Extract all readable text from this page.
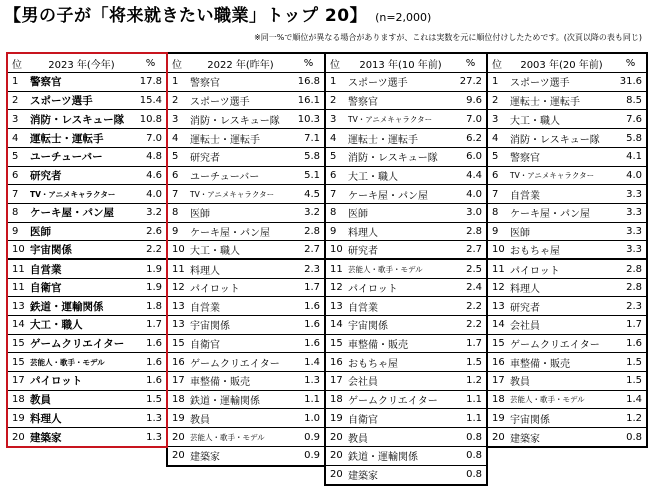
【男の子が「将来就きたい職業」トップ 20】 (n=2,000)
※同一%で順位が異なる場合がありますが、これは実数を元に順位付けしたためです。(次頁以降の表も同じ)
位	2023 年(今年)	%
1	警察官	17.8
2	スポーツ選手	15.4
3	消防・レスキュー隊	10.8
4	運転士・運転手	7.0
5	ユーチューバー	4.8
6	研究者	4.6
7	TV・アニメキャラクター	4.0
8	ケーキ屋・パン屋	3.2
9	医師	2.6
10	宇宙関係	2.2
11	自営業	1.9
11	自衛官	1.9
13	鉄道・運輸関係	1.8
14	大工・職人	1.7
15	ゲームクリエイター	1.6
15	芸能人・歌手・モデル	1.6
17	パイロット	1.6
18	教員	1.5
19	料理人	1.3
20	建築家	1.3
位	2022 年(昨年)	%
1	警察官	16.8
2	スポーツ選手	16.1
3	消防・レスキュー隊	10.3
4	運転士・運転手	7.1
5	研究者	5.8
6	ユーチューバー	5.1
7	TV・アニメキャラクター	4.5
8	医師	3.2
9	ケーキ屋・パン屋	2.8
10	大工・職人	2.7
11	料理人	2.3
12	パイロット	1.7
13	自営業	1.6
13	宇宙関係	1.6
15	自衛官	1.6
16	ゲームクリエイター	1.4
17	車整備・販売	1.3
18	鉄道・運輸関係	1.1
19	教員	1.0
20	芸能人・歌手・モデル	0.9
20	建築家	0.9
位	2013 年(10 年前)	%
1	スポーツ選手	27.2
2	警察官	9.6
3	TV・アニメキャラクター	7.0
4	運転士・運転手	6.2
5	消防・レスキュー隊	6.0
6	大工・職人	4.4
7	ケーキ屋・パン屋	4.0
8	医師	3.0
9	料理人	2.8
10	研究者	2.7
11	芸能人・歌手・モデル	2.5
12	パイロット	2.4
13	自営業	2.2
14	宇宙関係	2.2
15	車整備・販売	1.7
16	おもちゃ屋	1.5
17	会社員	1.2
18	ゲームクリエイター	1.1
19	自衛官	1.1
20	教員	0.8
20	鉄道・運輸関係	0.8
20	建築家	0.8
位	2003 年(20 年前)	%
1	スポーツ選手	31.6
2	運転士・運転手	8.5
3	大工・職人	7.6
4	消防・レスキュー隊	5.8
5	警察官	4.1
6	TV・アニメキャラクター	4.0
7	自営業	3.3
8	ケーキ屋・パン屋	3.3
9	医師	3.3
10	おもちゃ屋	3.3
11	パイロット	2.8
12	料理人	2.8
13	研究者	2.3
14	会社員	1.7
15	ゲームクリエイター	1.6
16	車整備・販売	1.5
17	教員	1.5
18	芸能人・歌手・モデル	1.4
19	宇宙関係	1.2
20	建築家	0.8
